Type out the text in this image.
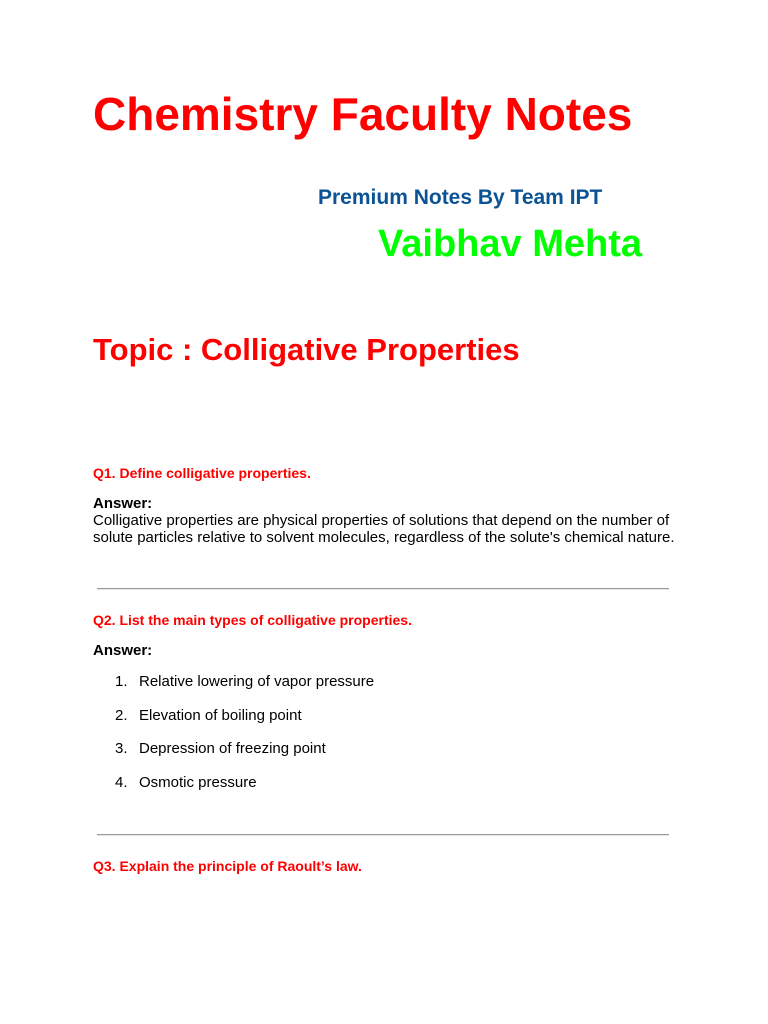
Chemistry Faculty Notes
Premium Notes By Team IPT
Vaibhav Mehta
Topic : Colligative Properties
Q1. Define colligative properties.
Answer:
Colligative properties are physical properties of solutions that depend on the number of solute particles relative to solvent molecules, regardless of the solute's chemical nature.
Q2. List the main types of colligative properties.
Answer:
1. Relative lowering of vapor pressure
2. Elevation of boiling point
3. Depression of freezing point
4. Osmotic pressure
Q3. Explain the principle of Raoult’s law.
